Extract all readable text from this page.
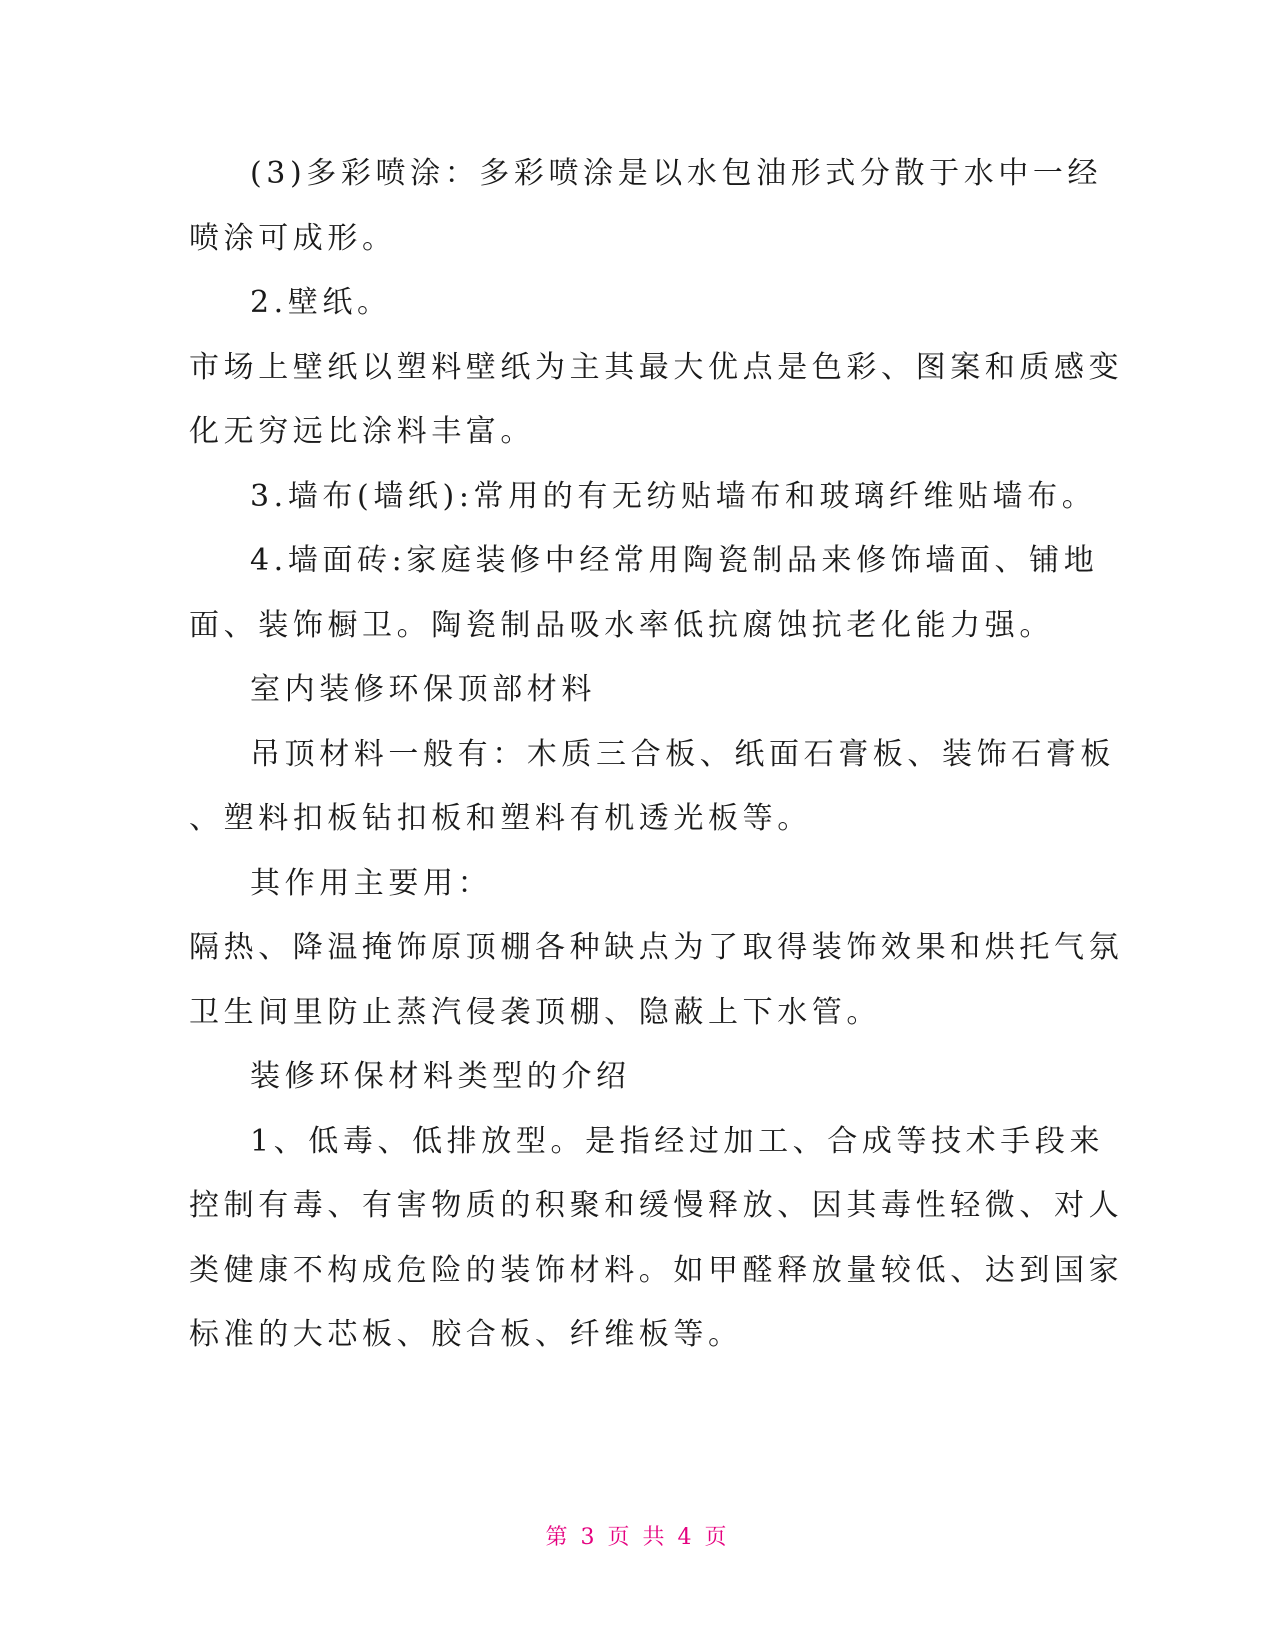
(3)多彩喷涂：多彩喷涂是以水包油形式分散于水中一经
喷涂可成形。
2.壁纸。
市场上壁纸以塑料壁纸为主其最大优点是色彩、图案和质感变
化无穷远比涂料丰富。
3.墙布(墙纸):常用的有无纺贴墙布和玻璃纤维贴墙布。
4.墙面砖:家庭装修中经常用陶瓷制品来修饰墙面、铺地
面、装饰橱卫。陶瓷制品吸水率低抗腐蚀抗老化能力强。
室内装修环保顶部材料
吊顶材料一般有：木质三合板、纸面石膏板、装饰石膏板
、塑料扣板钻扣板和塑料有机透光板等。
其作用主要用：
隔热、降温掩饰原顶棚各种缺点为了取得装饰效果和烘托气氛
卫生间里防止蒸汽侵袭顶棚、隐蔽上下水管。
装修环保材料类型的介绍
1、低毒、低排放型。是指经过加工、合成等技术手段来
控制有毒、有害物质的积聚和缓慢释放、因其毒性轻微、对人
类健康不构成危险的装饰材料。如甲醛释放量较低、达到国家
标准的大芯板、胶合板、纤维板等。
第 3 页 共 4 页
